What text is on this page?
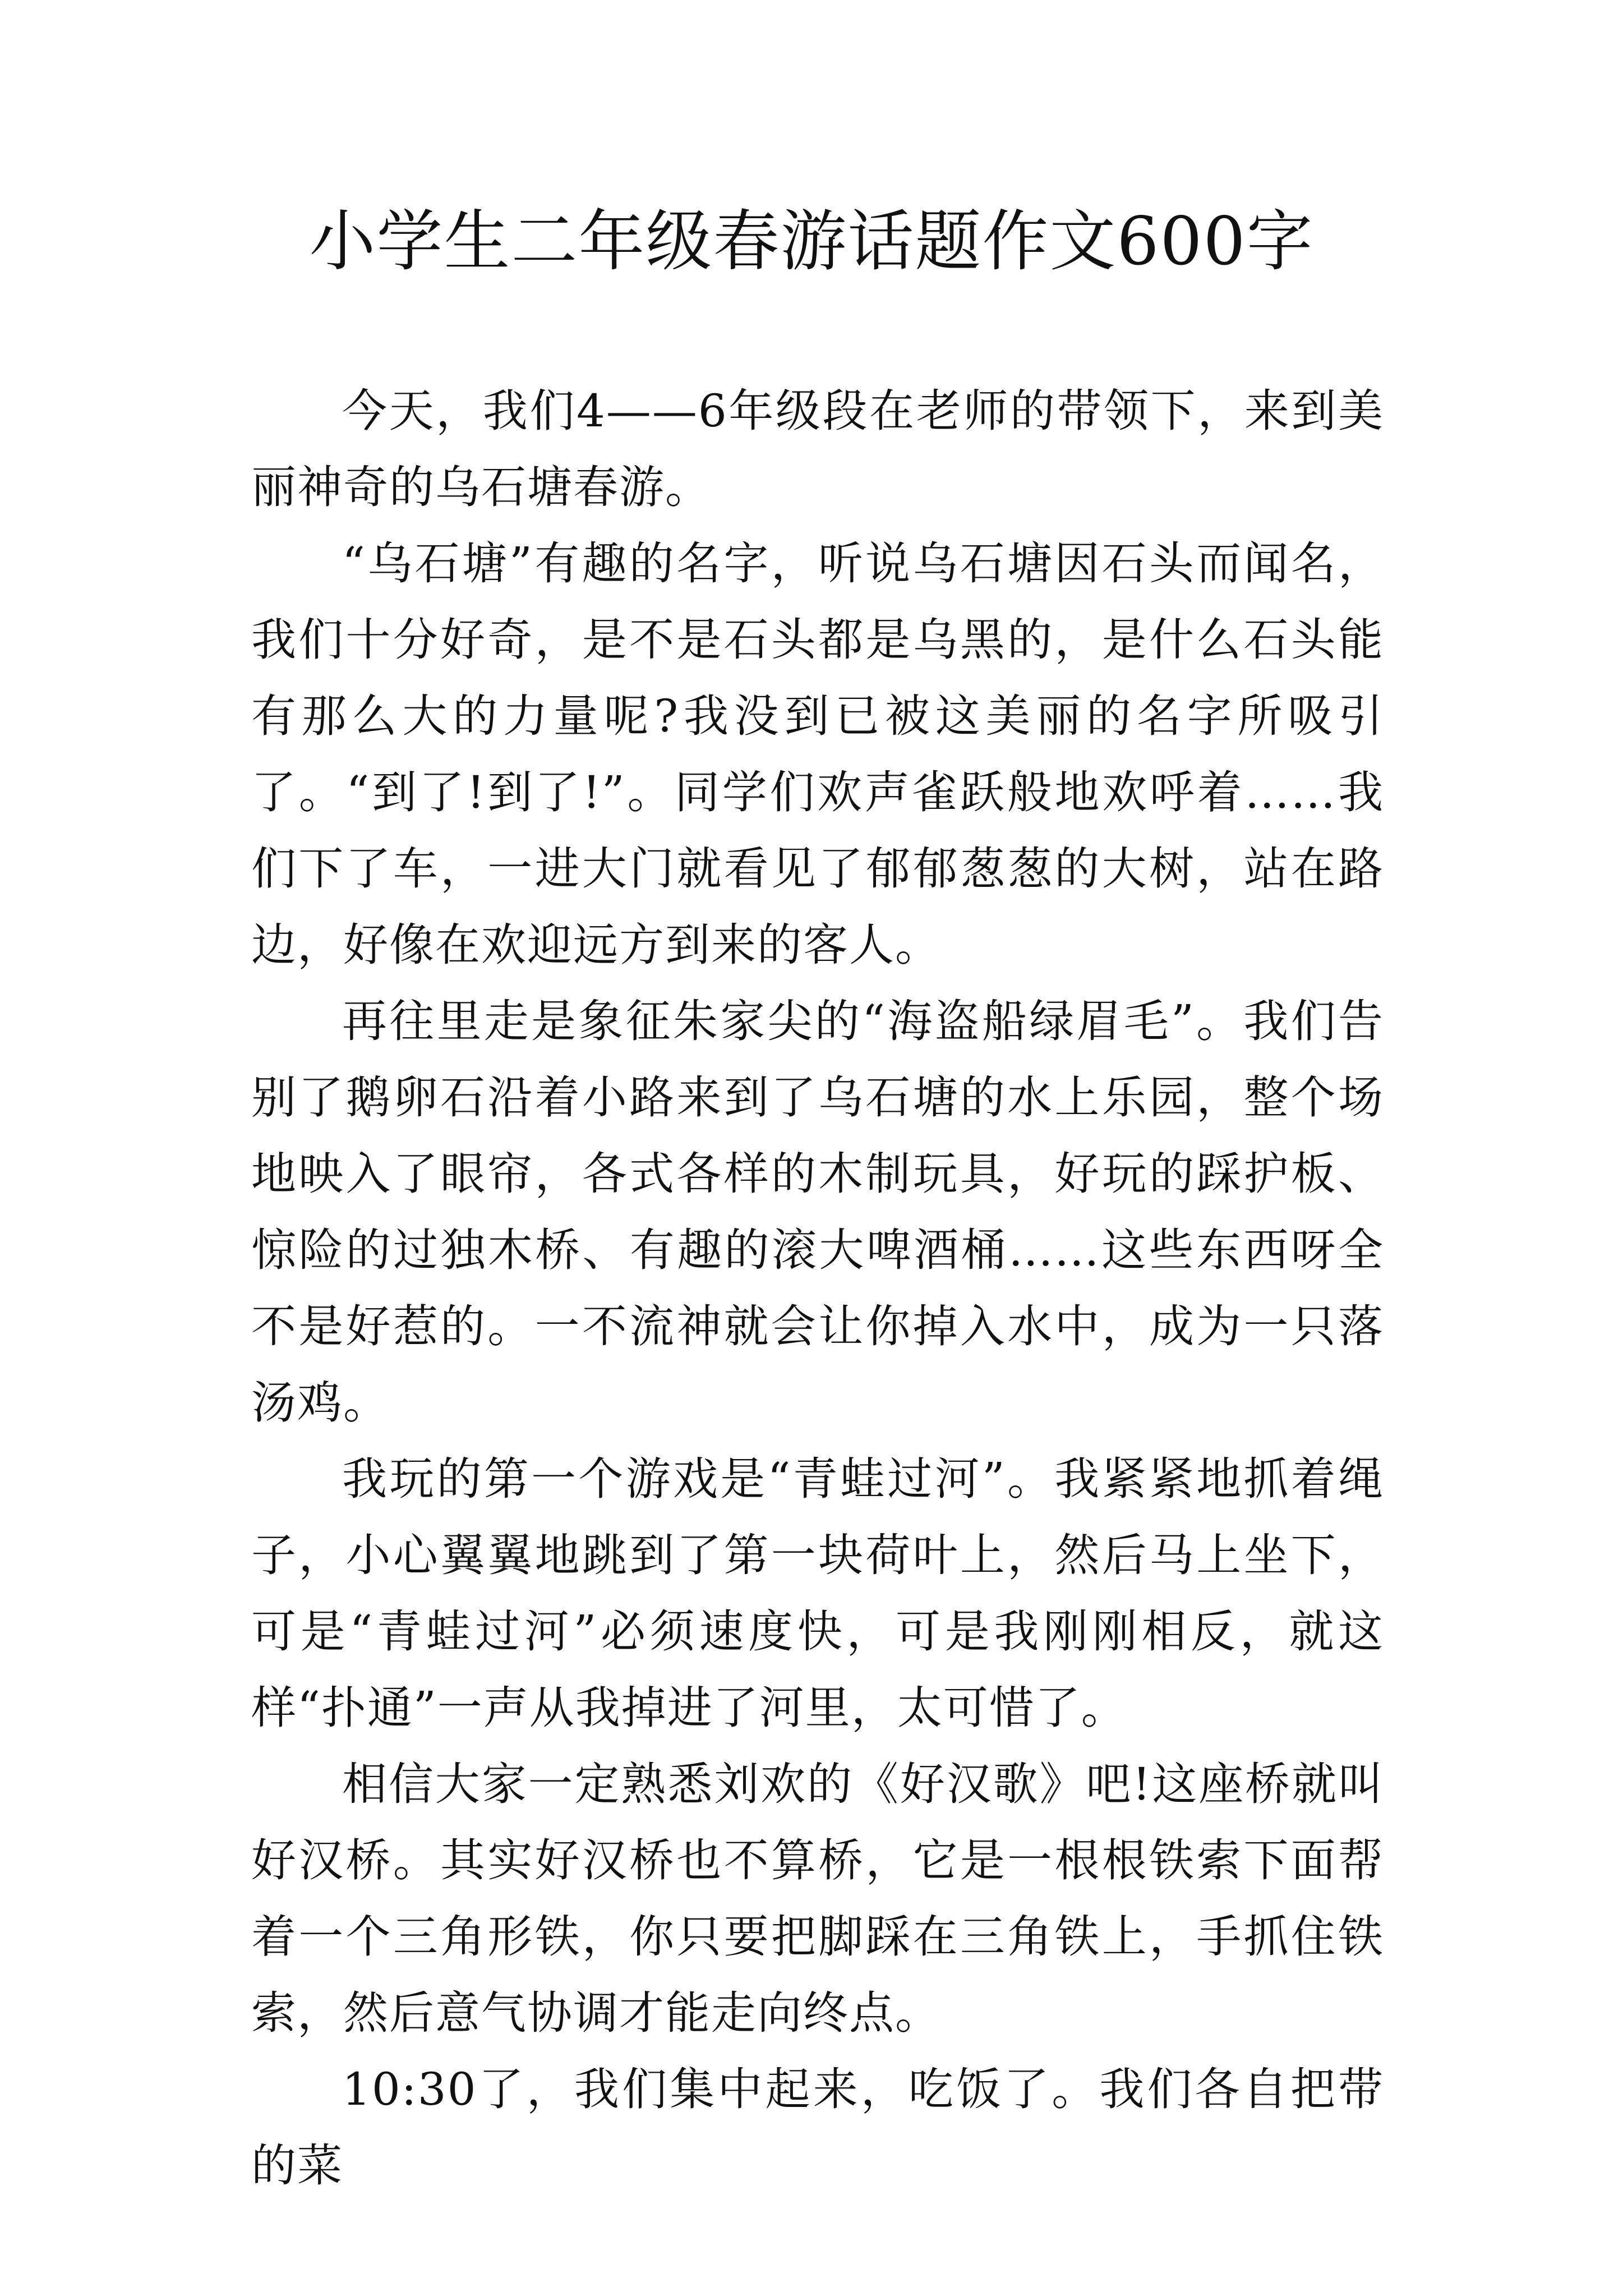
小学生二年级春游话题作文600字

今天，我们4——6年级段在老师的带领下，来到美丽神奇的乌石塘春游。

“乌石塘”有趣的名字，听说乌石塘因石头而闻名，我们十分好奇，是不是石头都是乌黑的，是什么石头能有那么大的力量呢?我没到已被这美丽的名字所吸引了。“到了!到了!”。同学们欢声雀跃般地欢呼着……我们下了车，一进大门就看见了郁郁葱葱的大树，站在路边，好像在欢迎远方到来的客人。

再往里走是象征朱家尖的“海盗船绿眉毛”。我们告别了鹅卵石沿着小路来到了乌石塘的水上乐园，整个场地映入了眼帘，各式各样的木制玩具，好玩的踩护板、惊险的过独木桥、有趣的滚大啤酒桶……这些东西呀全不是好惹的。一不流神就会让你掉入水中，成为一只落汤鸡。

我玩的第一个游戏是“青蛙过河”。我紧紧地抓着绳子，小心翼翼地跳到了第一块荷叶上，然后马上坐下，可是“青蛙过河”必须速度快，可是我刚刚相反，就这样“扑通”一声从我掉进了河里，太可惜了。

相信大家一定熟悉刘欢的《好汉歌》吧!这座桥就叫好汉桥。其实好汉桥也不算桥，它是一根根铁索下面帮着一个三角形铁，你只要把脚踩在三角铁上，手抓住铁索，然后意气协调才能走向终点。

10:30了，我们集中起来，吃饭了。我们各自把带的菜
